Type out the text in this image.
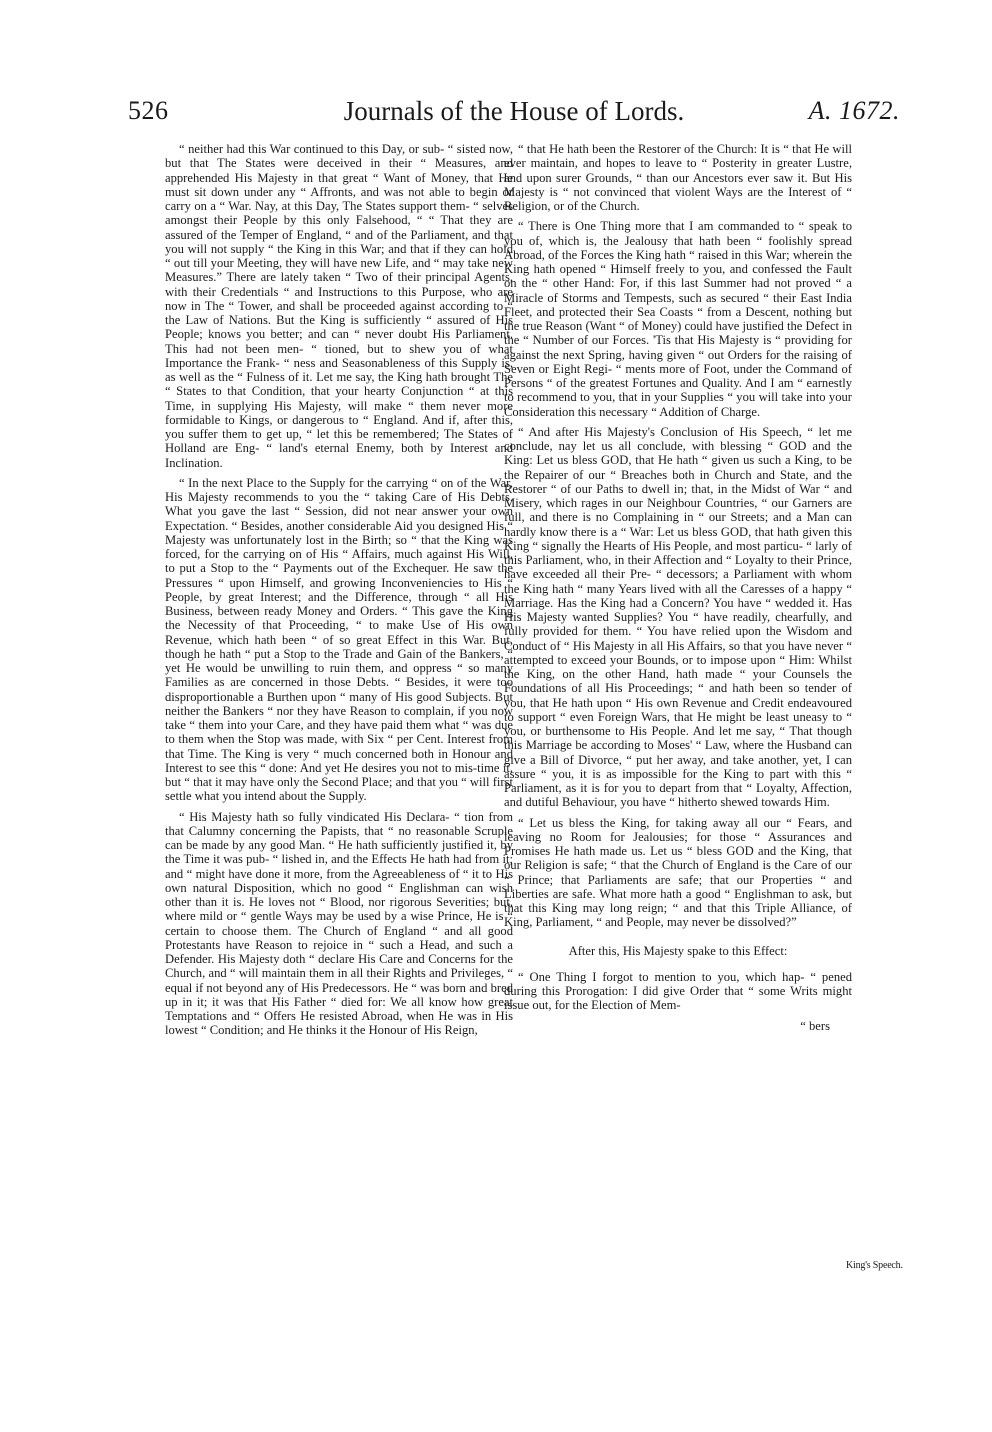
526	Journals of the House of Lords.	A. 1672.

“ neither had this War continued to this Day, or sub- “ sisted now, but that The States were deceived in their “ Measures, and apprehended His Majesty in that great “ Want of Money, that He must sit down under any “ Affronts, and was not able to begin or carry on a “ War. Nay, at this Day, The States support them- “ selves amongst their People by this only Falsehood, “ “ That they are assured of the Temper of England, “ and of the Parliament, and that you will not supply “ the King in this War; and that if they can hold “ out till your Meeting, they will have new Life, and “ may take new Measures.” There are lately taken “ Two of their principal Agents, with their Credentials “ and Instructions to this Purpose, who are now in The “ Tower, and shall be proceeded against according to “ the Law of Nations. But the King is sufficiently “ assured of His People; knows you better; and can “ never doubt His Parliament. This had not been men- “ tioned, but to shew you of what Importance the Frank- “ ness and Seasonableness of this Supply is, as well as the “ Fulness of it. Let me say, the King hath brought The “ States to that Condition, that your hearty Conjunction “ at this Time, in supplying His Majesty, will make “ them never more formidable to Kings, or dangerous to “ England. And if, after this, you suffer them to get up, “ let this be remembered; The States of Holland are Eng- “ land's eternal Enemy, both by Interest and Inclination.

“ In the next Place to the Supply for the carrying “ on of the War, His Majesty recommends to you the “ taking Care of His Debts. What you gave the last “ Session, did not near answer your own Expectation. “ Besides, another considerable Aid you designed His “ Majesty was unfortunately lost in the Birth; so “ that the King was forced, for the carrying on of His “ Affairs, much against His Will, to put a Stop to the “ Payments out of the Exchequer. He saw the Pressures “ upon Himself, and growing Inconveniencies to His “ People, by great Interest; and the Difference, through “ all His Business, between ready Money and Orders. “ This gave the King the Necessity of that Proceeding, “ to make Use of His own Revenue, which hath been “ of so great Effect in this War. But, though he hath “ put a Stop to the Trade and Gain of the Bankers, “ yet He would be unwilling to ruin them, and oppress “ so many Families as are concerned in those Debts. “ Besides, it were too disproportionable a Burthen upon “ many of His good Subjects. But neither the Bankers “ nor they have Reason to complain, if you now take “ them into your Care, and they have paid them what “ was due to them when the Stop was made, with Six “ per Cent. Interest from that Time. The King is very “ much concerned both in Honour and Interest to see this “ done: And yet He desires you not to mis-time it, but “ that it may have only the Second Place; and that you “ will first settle what you intend about the Supply.

“ His Majesty hath so fully vindicated His Declara- “ tion from that Calumny concerning the Papists, that “ no reasonable Scruple can be made by any good Man. “ He hath sufficiently justified it, by the Time it was pub- “ lished in, and the Effects He hath had from it; and “ might have done it more, from the Agreeableness of “ it to His own natural Disposition, which no good “ Englishman can wish other than it is. He loves not “ Blood, nor rigorous Severities; but, where mild or “ gentle Ways may be used by a wise Prince, He is “ certain to choose them. The Church of England “ and all good Protestants have Reason to rejoice in “ such a Head, and such a Defender. His Majesty doth “ declare His Care and Concerns for the Church, and “ will maintain them in all their Rights and Privileges, “ equal if not beyond any of His Predecessors. He “ was born and bred up in it; it was that His Father “ died for: We all know how great Temptations and “ Offers He resisted Abroad, when He was in His lowest “ Condition; and He thinks it the Honour of His Reign,

“ that He hath been the Restorer of the Church: It is “ that He will ever maintain, and hopes to leave to “ Posterity in greater Lustre, and upon surer Grounds, “ than our Ancestors ever saw it. But His Majesty is “ not convinced that violent Ways are the Interest of “ Religion, or of the Church.

“ There is One Thing more that I am commanded to “ speak to you of, which is, the Jealousy that hath been “ foolishly spread Abroad, of the Forces the King hath “ raised in this War; wherein the King hath opened “ Himself freely to you, and confessed the Fault on the “ other Hand: For, if this last Summer had not proved “ a Miracle of Storms and Tempests, such as secured “ their East India Fleet, and protected their Sea Coasts “ from a Descent, nothing but the true Reason (Want “ of Money) could have justified the Defect in the “ Number of our Forces. 'Tis that His Majesty is “ providing for against the next Spring, having given “ out Orders for the raising of Seven or Eight Regi- “ ments more of Foot, under the Command of Persons “ of the greatest Fortunes and Quality. And I am “ earnestly to recommend to you, that in your Supplies “ you will take into your Consideration this necessary “ Addition of Charge.

“ And after His Majesty's Conclusion of His Speech, “ let me conclude, nay let us all conclude, with blessing “ GOD and the King: Let us bless GOD, that He hath “ given us such a King, to be the Repairer of our “ Breaches both in Church and State, and the Restorer “ of our Paths to dwell in; that, in the Midst of War “ and Misery, which rages in our Neighbour Countries, “ our Garners are full, and there is no Complaining in “ our Streets; and a Man can hardly know there is a “ War: Let us bless GOD, that hath given this King “ signally the Hearts of His People, and most particu- “ larly of this Parliament, who, in their Affection and “ Loyalty to their Prince, have exceeded all their Pre- “ decessors; a Parliament with whom the King hath “ many Years lived with all the Caresses of a happy “ Marriage. Has the King had a Concern? You have “ wedded it. Has His Majesty wanted Supplies? You “ have readily, chearfully, and fully provided for them. “ You have relied upon the Wisdom and Conduct of “ His Majesty in all His Affairs, so that you have never “ attempted to exceed your Bounds, or to impose upon “ Him: Whilst the King, on the other Hand, hath made “ your Counsels the Foundations of all His Proceedings; “ and hath been so tender of you, that He hath upon “ His own Revenue and Credit endeavoured to support “ even Foreign Wars, that He might be least uneasy to “ you, or burthensome to His People. And let me say, “ That though this Marriage be according to Moses' “ Law, where the Husband can give a Bill of Divorce, “ put her away, and take another, yet, I can assure “ you, it is as impossible for the King to part with this “ Parliament, as it is for you to depart from that “ Loyalty, Affection, and dutiful Behaviour, you have “ hitherto shewed towards Him.

“ Let us bless the King, for taking away all our “ Fears, and leaving no Room for Jealousies; for those “ Assurances and Promises He hath made us. Let us “ bless GOD and the King, that our Religion is safe; “ that the Church of England is the Care of our “ Prince; that Parliaments are safe; that our Properties “ and Liberties are safe. What more hath a good “ Englishman to ask, but that this King may long reign; “ and that this Triple Alliance, of King, Parliament, “ and People, may never be dissolved?”

After this, His Majesty spake to this Effect:

“ One Thing I forgot to mention to you, which hap- “ pened during this Prorogation: I did give Order that “ some Writs might issue out, for the Election of Mem-

“ bers

King's Speech.
